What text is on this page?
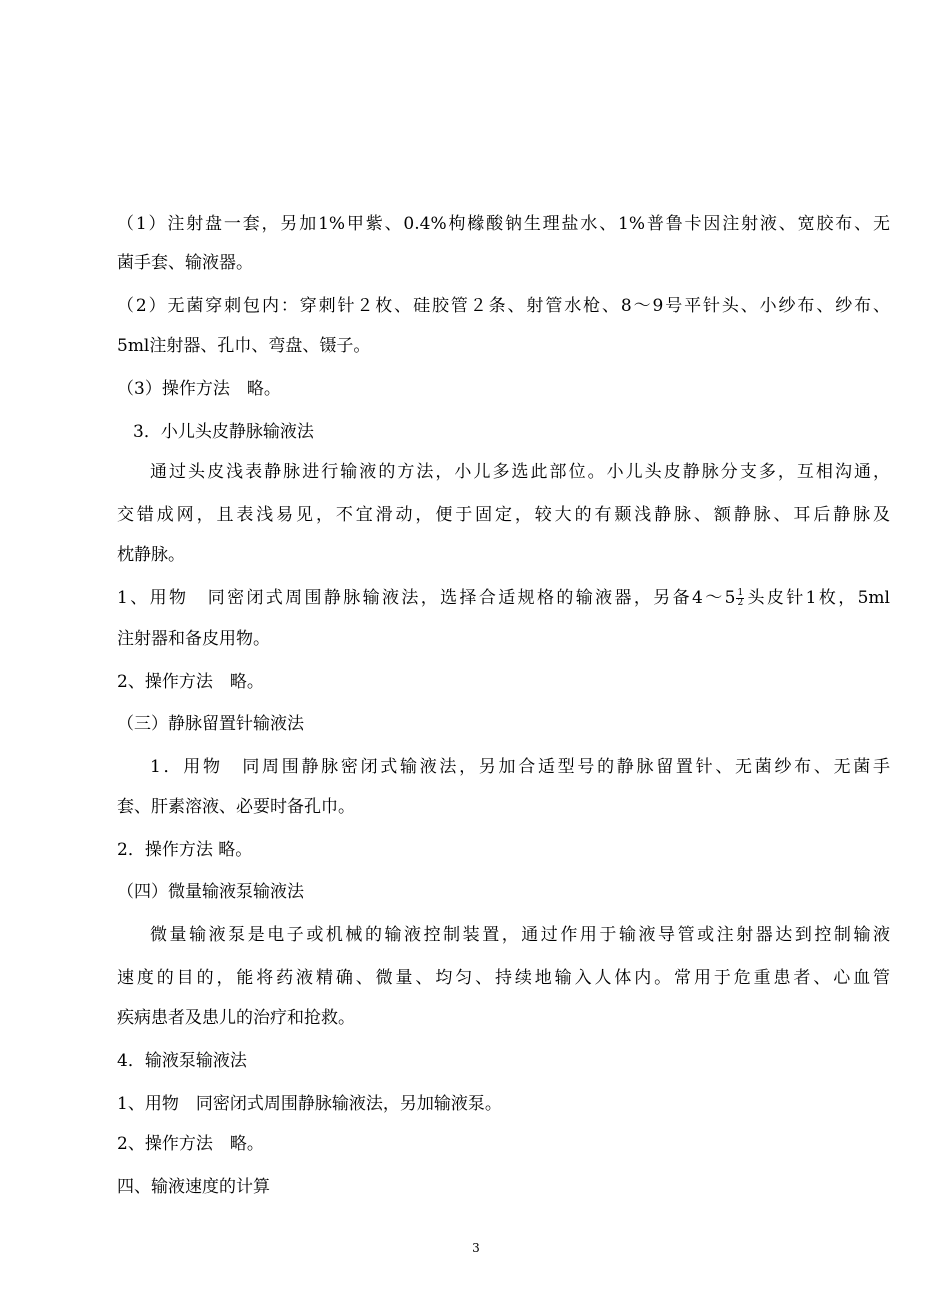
（1）注射盘一套，另加1%甲紫、0.4%枸橼酸钠生理盐水、1%普鲁卡因注射液、宽胶布、无
菌手套、输液器。
（2）无菌穿刺包内：穿刺针２枚、硅胶管２条、射管水枪、8～9号平针头、小纱布、纱布、
5ml注射器、孔巾、弯盘、镊子。
（3）操作方法　略。
3．小儿头皮静脉输液法
通过头皮浅表静脉进行输液的方法，小儿多选此部位。小儿头皮静脉分支多，互相沟通，
交错成网，且表浅易见，不宜滑动，便于固定，较大的有颞浅静脉、额静脉、耳后静脉及
枕静脉。
1、用物　同密闭式周围静脉输液法，选择合适规格的输液器，另备4～5 $\frac{1}{2}$ 头皮针1枚，5ml
注射器和备皮用物。
2、操作方法　略。
（三）静脉留置针输液法
1．用物　同周围静脉密闭式输液法，另加合适型号的静脉留置针、无菌纱布、无菌手
套、肝素溶液、必要时备孔巾。
2．操作方法 略。
（四）微量输液泵输液法
微量输液泵是电子或机械的输液控制装置，通过作用于输液导管或注射器达到控制输液
速度的目的，能将药液精确、微量、均匀、持续地输入人体内。常用于危重患者、心血管
疾病患者及患儿的治疗和抢救。
4．输液泵输液法
1、用物　同密闭式周围静脉输液法，另加输液泵。
2、操作方法　略。
四、输液速度的计算
3
